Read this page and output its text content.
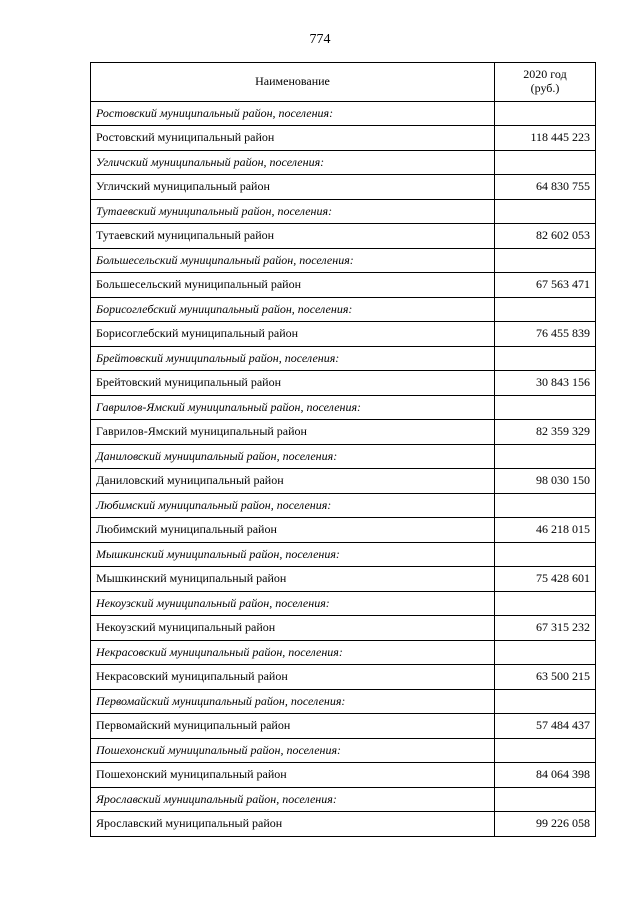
774
Наименование	2020 год
(руб.)
Ростовский муниципальный район, поселения:	
Ростовский муниципальный район	118 445 223
Угличский муниципальный район, поселения:	
Угличский муниципальный район	64 830 755
Тутаевский муниципальный район, поселения:	
Тутаевский муниципальный район	82 602 053
Большесельский муниципальный район, поселения:	
Большесельский муниципальный район	67 563 471
Борисоглебский муниципальный район, поселения:	
Борисоглебский муниципальный район	76 455 839
Брейтовский муниципальный район, поселения:	
Брейтовский муниципальный район	30 843 156
Гаврилов-Ямский муниципальный район, поселения:	
Гаврилов-Ямский муниципальный район	82 359 329
Даниловский муниципальный район, поселения:	
Даниловский муниципальный район	98 030 150
Любимский муниципальный район, поселения:	
Любимский муниципальный район	46 218 015
Мышкинский муниципальный район, поселения:	
Мышкинский муниципальный район	75 428 601
Некоузский муниципальный район, поселения:	
Некоузский муниципальный район	67 315 232
Некрасовский муниципальный район, поселения:	
Некрасовский муниципальный район	63 500 215
Первомайский муниципальный район, поселения:	
Первомайский муниципальный район	57 484 437
Пошехонский муниципальный район, поселения:	
Пошехонский муниципальный район	84 064 398
Ярославский муниципальный район, поселения:	
Ярославский муниципальный район	99 226 058
